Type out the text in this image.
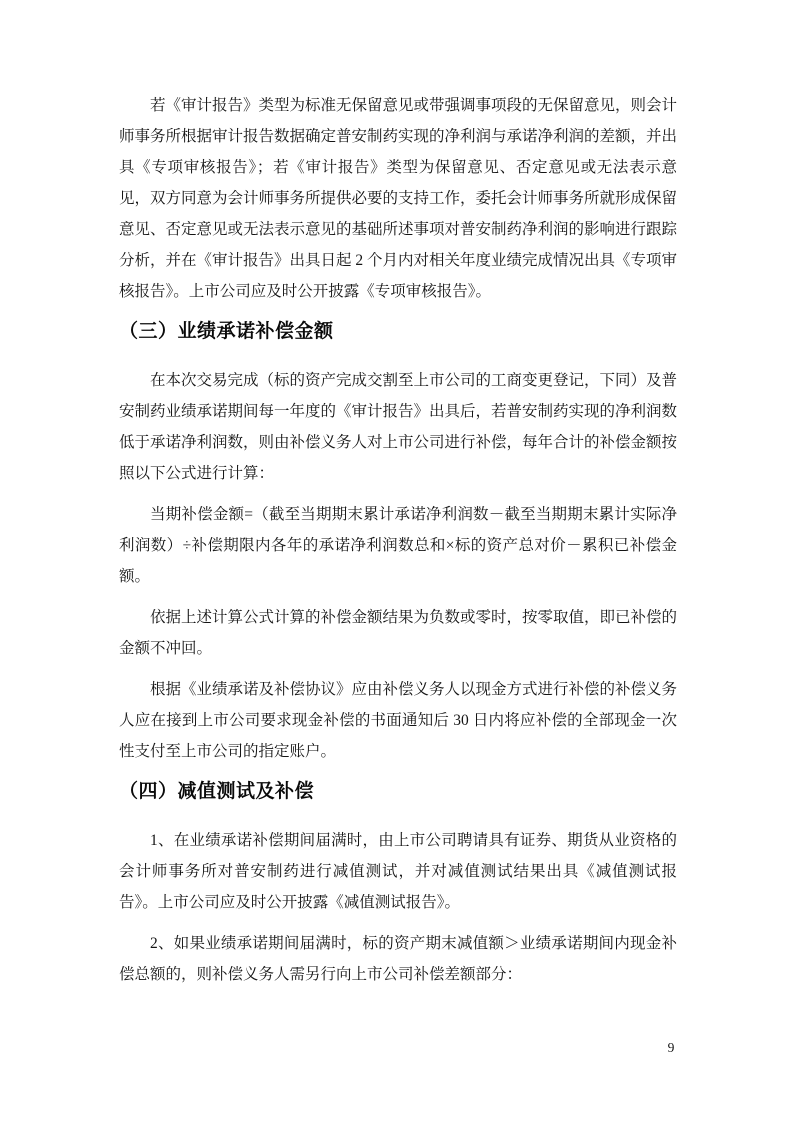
若《审计报告》类型为标准无保留意见或带强调事项段的无保留意见，则会计师事务所根据审计报告数据确定普安制药实现的净利润与承诺净利润的差额，并出具《专项审核报告》；若《审计报告》类型为保留意见、否定意见或无法表示意见，双方同意为会计师事务所提供必要的支持工作，委托会计师事务所就形成保留意见、否定意见或无法表示意见的基础所述事项对普安制药净利润的影响进行跟踪分析，并在《审计报告》出具日起 2 个月内对相关年度业绩完成情况出具《专项审核报告》。上市公司应及时公开披露《专项审核报告》。

（三）业绩承诺补偿金额

在本次交易完成（标的资产完成交割至上市公司的工商变更登记，下同）及普安制药业绩承诺期间每一年度的《审计报告》出具后，若普安制药实现的净利润数低于承诺净利润数，则由补偿义务人对上市公司进行补偿，每年合计的补偿金额按照以下公式进行计算：

当期补偿金额=（截至当期期末累计承诺净利润数－截至当期期末累计实际净利润数）÷补偿期限内各年的承诺净利润数总和×标的资产总对价－累积已补偿金额。

依据上述计算公式计算的补偿金额结果为负数或零时，按零取值，即已补偿的金额不冲回。

根据《业绩承诺及补偿协议》应由补偿义务人以现金方式进行补偿的补偿义务人应在接到上市公司要求现金补偿的书面通知后 30 日内将应补偿的全部现金一次性支付至上市公司的指定账户。

（四）减值测试及补偿

1、在业绩承诺补偿期间届满时，由上市公司聘请具有证券、期货从业资格的会计师事务所对普安制药进行减值测试，并对减值测试结果出具《减值测试报告》。上市公司应及时公开披露《减值测试报告》。

2、如果业绩承诺期间届满时，标的资产期末减值额＞业绩承诺期间内现金补偿总额的，则补偿义务人需另行向上市公司补偿差额部分：

9
